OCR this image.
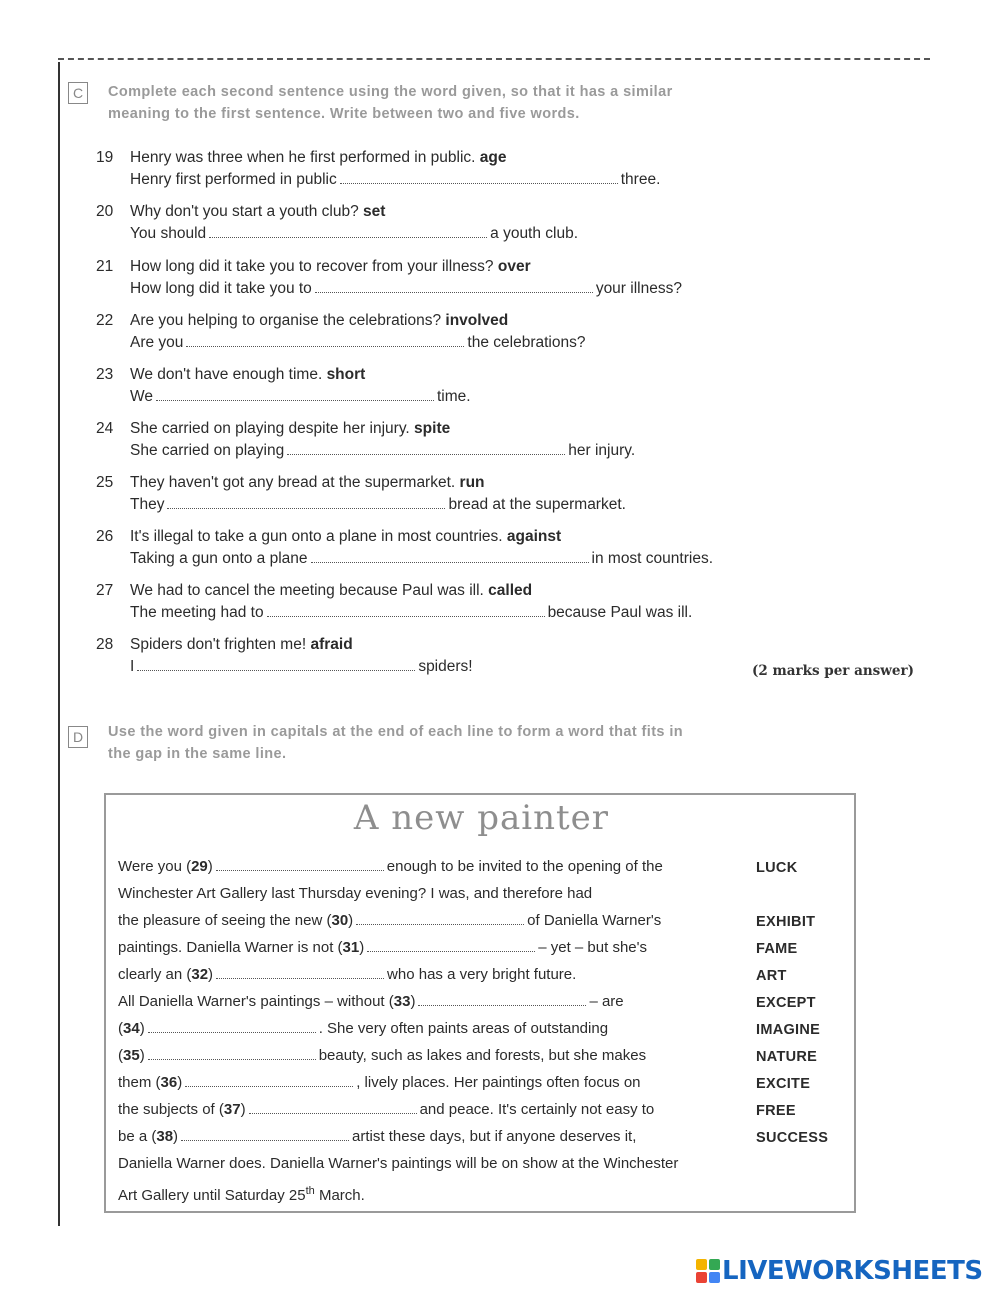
C	Complete each second sentence using the word given, so that it has a similar
meaning to the first sentence. Write between two and five words.
19 Henry was three when he first performed in public. age
Henry first performed in public	three.
20 Why don't you start a youth club? set
You should	a youth club.
21 How long did it take you to recover from your illness? over
How long did it take you to	your illness?
22 Are you helping to organise the celebrations? involved
Are you	the celebrations?
23 We don't have enough time. short
We	time.
24 She carried on playing despite her injury. spite
She carried on playing	her injury.
25 They haven't got any bread at the supermarket. run
They	bread at the supermarket.
26 It's illegal to take a gun onto a plane in most countries. against
Taking a gun onto a plane	in most countries.
27 We had to cancel the meeting because Paul was ill. called
The meeting had to	because Paul was ill.
28 Spiders don't frighten me! afraid
I	spiders!	(2 marks per answer)
D	Use the word given in capitals at the end of each line to form a word that fits in
the gap in the same line.
A new painter
Were you (29)	enough to be invited to the opening of the
Winchester Art Gallery last Thursday evening? I was, and therefore had
the pleasure of seeing the new (30)	of Daniella Warner's
paintings. Daniella Warner is not (31)	– yet – but she's
clearly an (32)	who has a very bright future.
All Daniella Warner's paintings – without (33)	– are
(34)	. She very often paints areas of outstanding
(35)	beauty, such as lakes and forests, but she makes
them (36)	, lively places. Her paintings often focus on
the subjects of (37)	and peace. It's certainly not easy to
be a (38)	artist these days, but if anyone deserves it,
Daniella Warner does. Daniella Warner's paintings will be on show at the Winchester
Art Gallery until Saturday 25th March.
LUCK
EXHIBIT
FAME
ART
EXCEPT
IMAGINE
NATURE
EXCITE
FREE
SUCCESS
LIVEWORKSHEETS
